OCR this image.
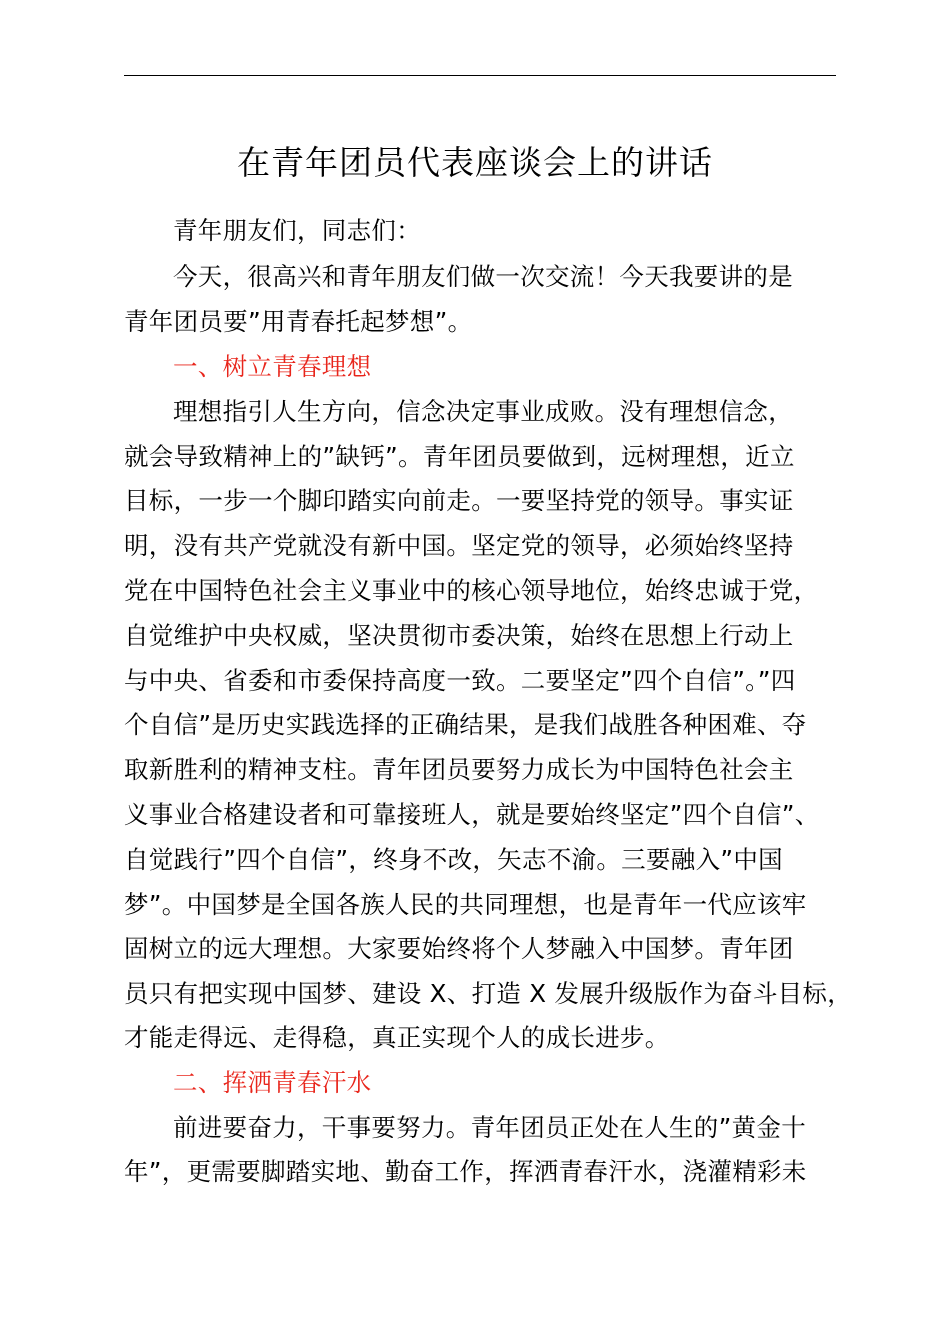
在青年团员代表座谈会上的讲话
青年朋友们，同志们：
今天，很高兴和青年朋友们做一次交流！今天我要讲的是
青年团员要”用青春托起梦想”。
一、树立青春理想
理想指引人生方向，信念决定事业成败。没有理想信念，
就会导致精神上的”缺钙”。青年团员要做到，远树理想，近立
目标，一步一个脚印踏实向前走。一要坚持党的领导。事实证
明，没有共产党就没有新中国。坚定党的领导，必须始终坚持
党在中国特色社会主义事业中的核心领导地位，始终忠诚于党，
自觉维护中央权威，坚决贯彻市委决策，始终在思想上行动上
与中央、省委和市委保持高度一致。二要坚定”四个自信”。”四
个自信”是历史实践选择的正确结果，是我们战胜各种困难、夺
取新胜利的精神支柱。青年团员要努力成长为中国特色社会主
义事业合格建设者和可靠接班人，就是要始终坚定”四个自信”、
自觉践行”四个自信”，终身不改，矢志不渝。三要融入”中国
梦”。中国梦是全国各族人民的共同理想，也是青年一代应该牢
固树立的远大理想。大家要始终将个人梦融入中国梦。青年团
员只有把实现中国梦、建设 X、打造 X 发展升级版作为奋斗目标，
才能走得远、走得稳，真正实现个人的成长进步。
二、挥洒青春汗水
前进要奋力，干事要努力。青年团员正处在人生的”黄金十
年”，更需要脚踏实地、勤奋工作，挥洒青春汗水，浇灌精彩未
